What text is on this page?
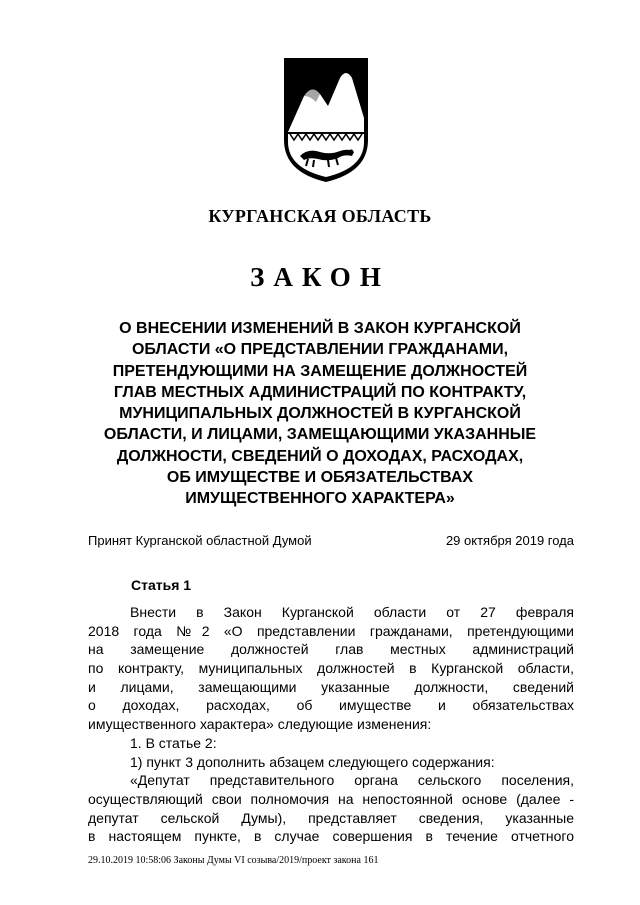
КУРГАНСКАЯ ОБЛАСТЬ
ЗАКОН
О ВНЕСЕНИИ ИЗМЕНЕНИЙ В ЗАКОН КУРГАНСКОЙ
ОБЛАСТИ «О ПРЕДСТАВЛЕНИИ ГРАЖДАНАМИ,
ПРЕТЕНДУЮЩИМИ НА ЗАМЕЩЕНИЕ ДОЛЖНОСТЕЙ
ГЛАВ МЕСТНЫХ АДМИНИСТРАЦИЙ ПО КОНТРАКТУ,
МУНИЦИПАЛЬНЫХ ДОЛЖНОСТЕЙ В КУРГАНСКОЙ
ОБЛАСТИ, И ЛИЦАМИ, ЗАМЕЩАЮЩИМИ УКАЗАННЫЕ
ДОЛЖНОСТИ, СВЕДЕНИЙ О ДОХОДАХ, РАСХОДАХ,
ОБ ИМУЩЕСТВЕ И ОБЯЗАТЕЛЬСТВАХ
ИМУЩЕСТВЕННОГО ХАРАКТЕРА»
Принят Курганской областной Думой	29 октября 2019 года
Статья 1
Внести в Закон Курганской области от 27 февраля
2018 года №2 «О представлении гражданами, претендующими
на замещение должностей глав местных администраций
по контракту, муниципальных должностей в Курганской области,
и лицами, замещающими указанные должности, сведений
о доходах, расходах, об имуществе и обязательствах
имущественного характера» следующие изменения:
1. В статье 2:
1) пункт 3 дополнить абзацем следующего содержания:
«Депутат представительного органа сельского поселения,
осуществляющий свои полномочия на непостоянной основе (далее -
депутат сельской Думы), представляет сведения, указанные
в настоящем пункте, в случае совершения в течение отчетного
29.10.2019 10:58:06 Законы Думы VI созыва/2019/проект закона 161
